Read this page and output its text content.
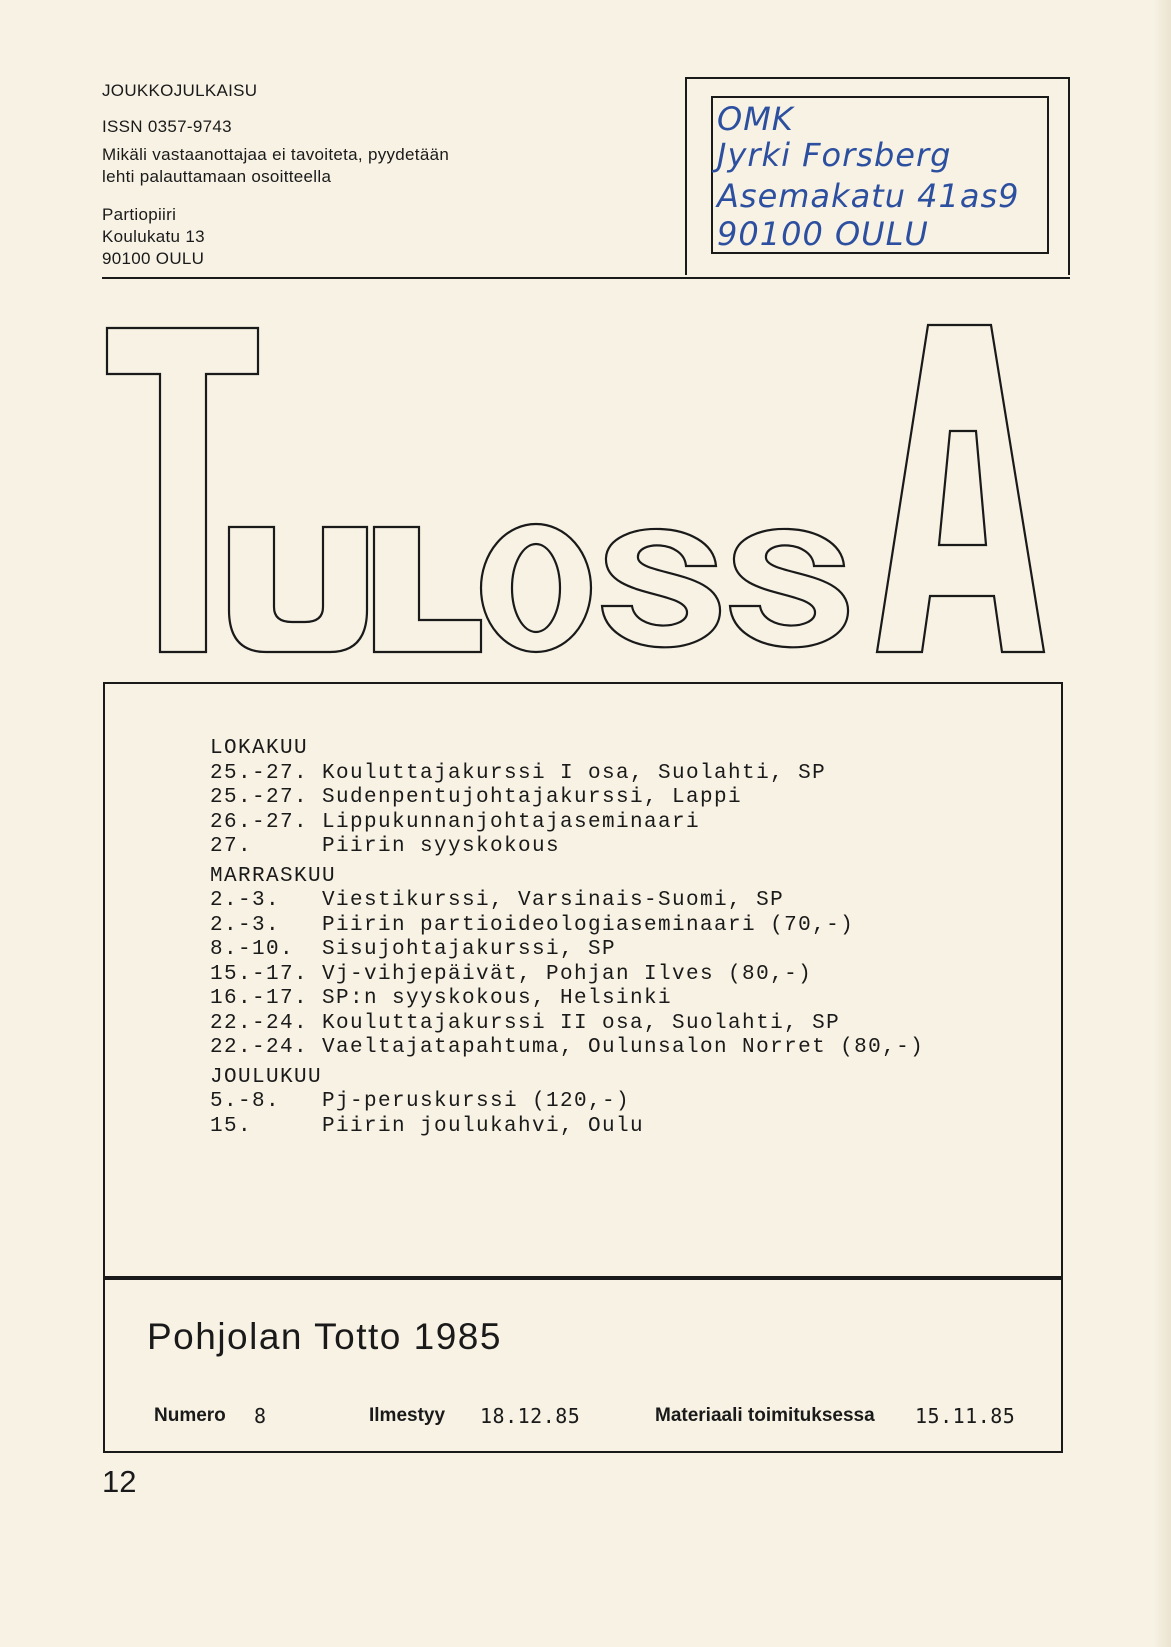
JOUKKOJULKAISU
ISSN 0357-9743
Mikäli vastaanottajaa ei tavoiteta, pyydetään
lehti palauttamaan osoitteella
Partiopiiri
Koulukatu 13
90100 OULU
OMK
Jyrki Forsberg
Asemakatu 41as9
90100 OULU
LOKAKUU
25.-27. Kouluttajakurssi I osa, Suolahti, SP
25.-27. Sudenpentujohtajakurssi, Lappi
26.-27. Lippukunnanjohtajaseminaari
27.	Piirin syyskokous
MARRASKUU
2.-3.	Viestikurssi, Varsinais-Suomi, SP
2.-3.	Piirin partioideologiaseminaari (70,-)
8.-10.	Sisujohtajakurssi, SP
15.-17. Vj-vihjepäivät, Pohjan Ilves (80,-)
16.-17. SP:n syyskokous, Helsinki
22.-24. Kouluttajakurssi II osa, Suolahti, SP
22.-24. Vaeltajatapahtuma, Oulunsalon Norret (80,-)
JOULUKUU
5.-8.	Pj-peruskurssi (120,-)
15.	Piirin joulukahvi, Oulu
Pohjolan Totto 1985
Numero 8	Ilmestyy 18.12.85	Materiaali toimituksessa 15.11.85
12
